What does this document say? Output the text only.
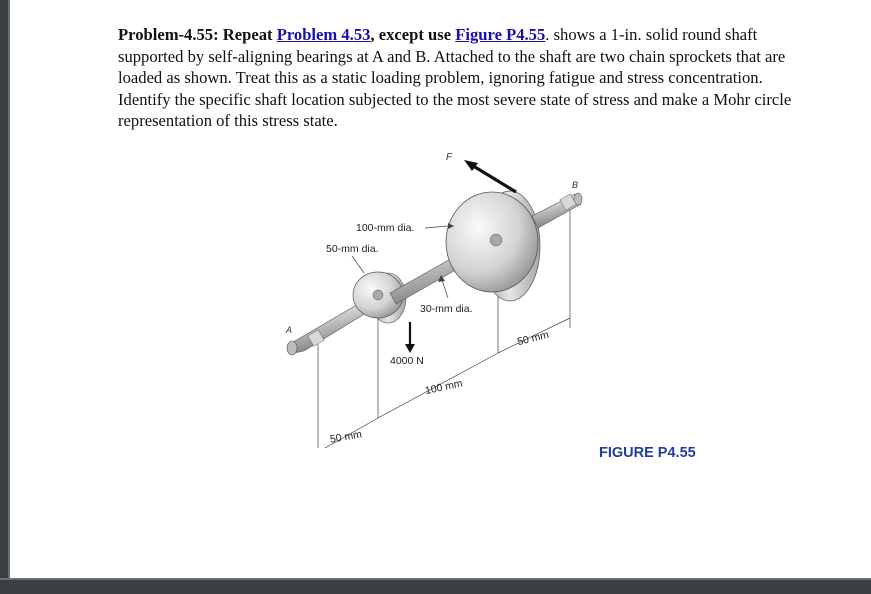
Problem-4.55: Repeat Problem 4.53, except use Figure P4.55. shows a 1-in. solid round shaft supported by self-aligning bearings at A and B. Attached to the shaft are two chain sprockets that are loaded as shown. Treat this as a static loading problem, ignoring fatigue and stress concentration. Identify the specific shaft location subjected to the most severe state of stress and make a Mohr circle representation of this stress state.
F
A
B
100-mm dia.
50-mm dia.
30-mm dia.
4000 N
100 mm
50 mm
50 mm
FIGURE P4.55
